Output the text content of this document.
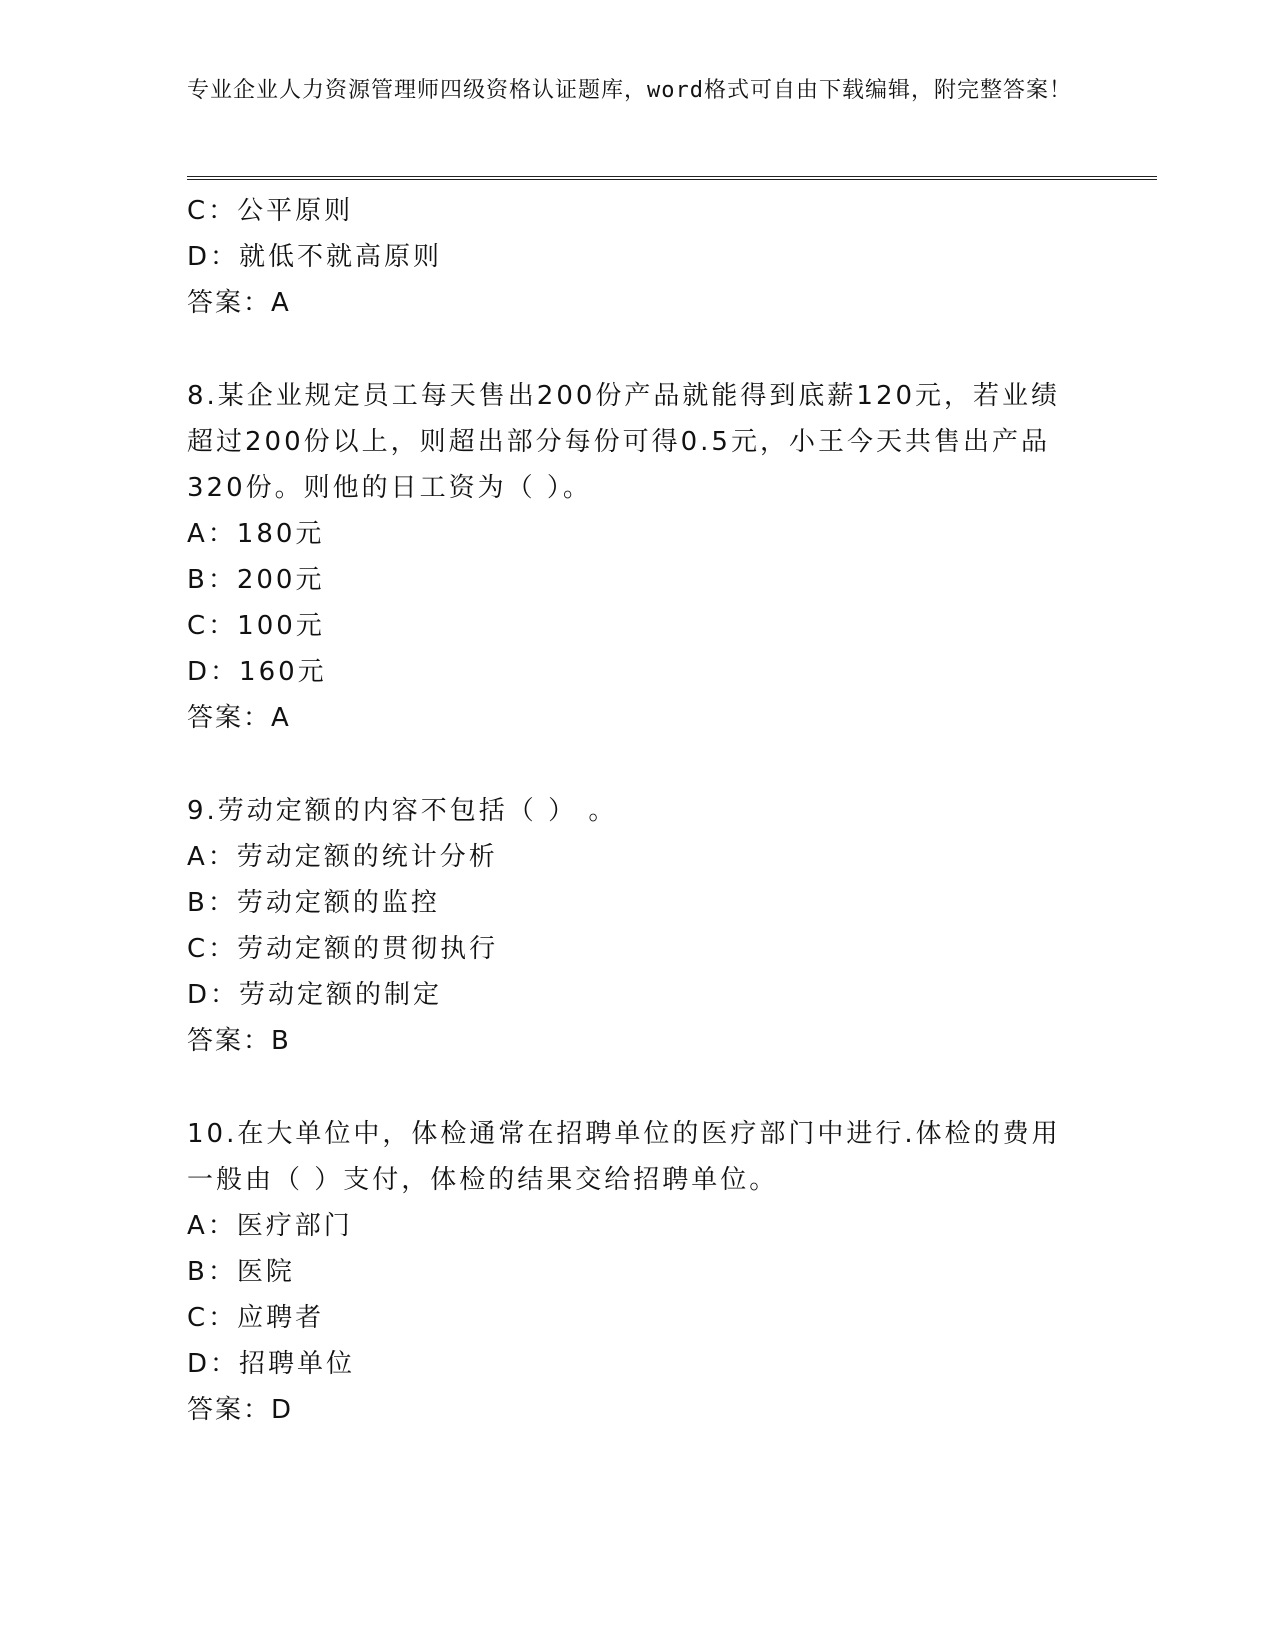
专业企业人力资源管理师四级资格认证题库，word格式可自由下载编辑，附完整答案！
C：公平原则
D：就低不就高原则
答案：A
8.某企业规定员工每天售出200份产品就能得到底薪120元，若业绩
超过200份以上，则超出部分每份可得0.5元，小王今天共售出产品
320份。则他的日工资为（ ）。
A：180元
B：200元
C：100元
D：160元
答案：A
9.劳动定额的内容不包括（ ） 。
A：劳动定额的统计分析
B：劳动定额的监控
C：劳动定额的贯彻执行
D：劳动定额的制定
答案：B
10.在大单位中，体检通常在招聘单位的医疗部门中进行.体检的费用
一般由（ ）支付，体检的结果交给招聘单位。
A：医疗部门
B：医院
C：应聘者
D：招聘单位
答案：D
